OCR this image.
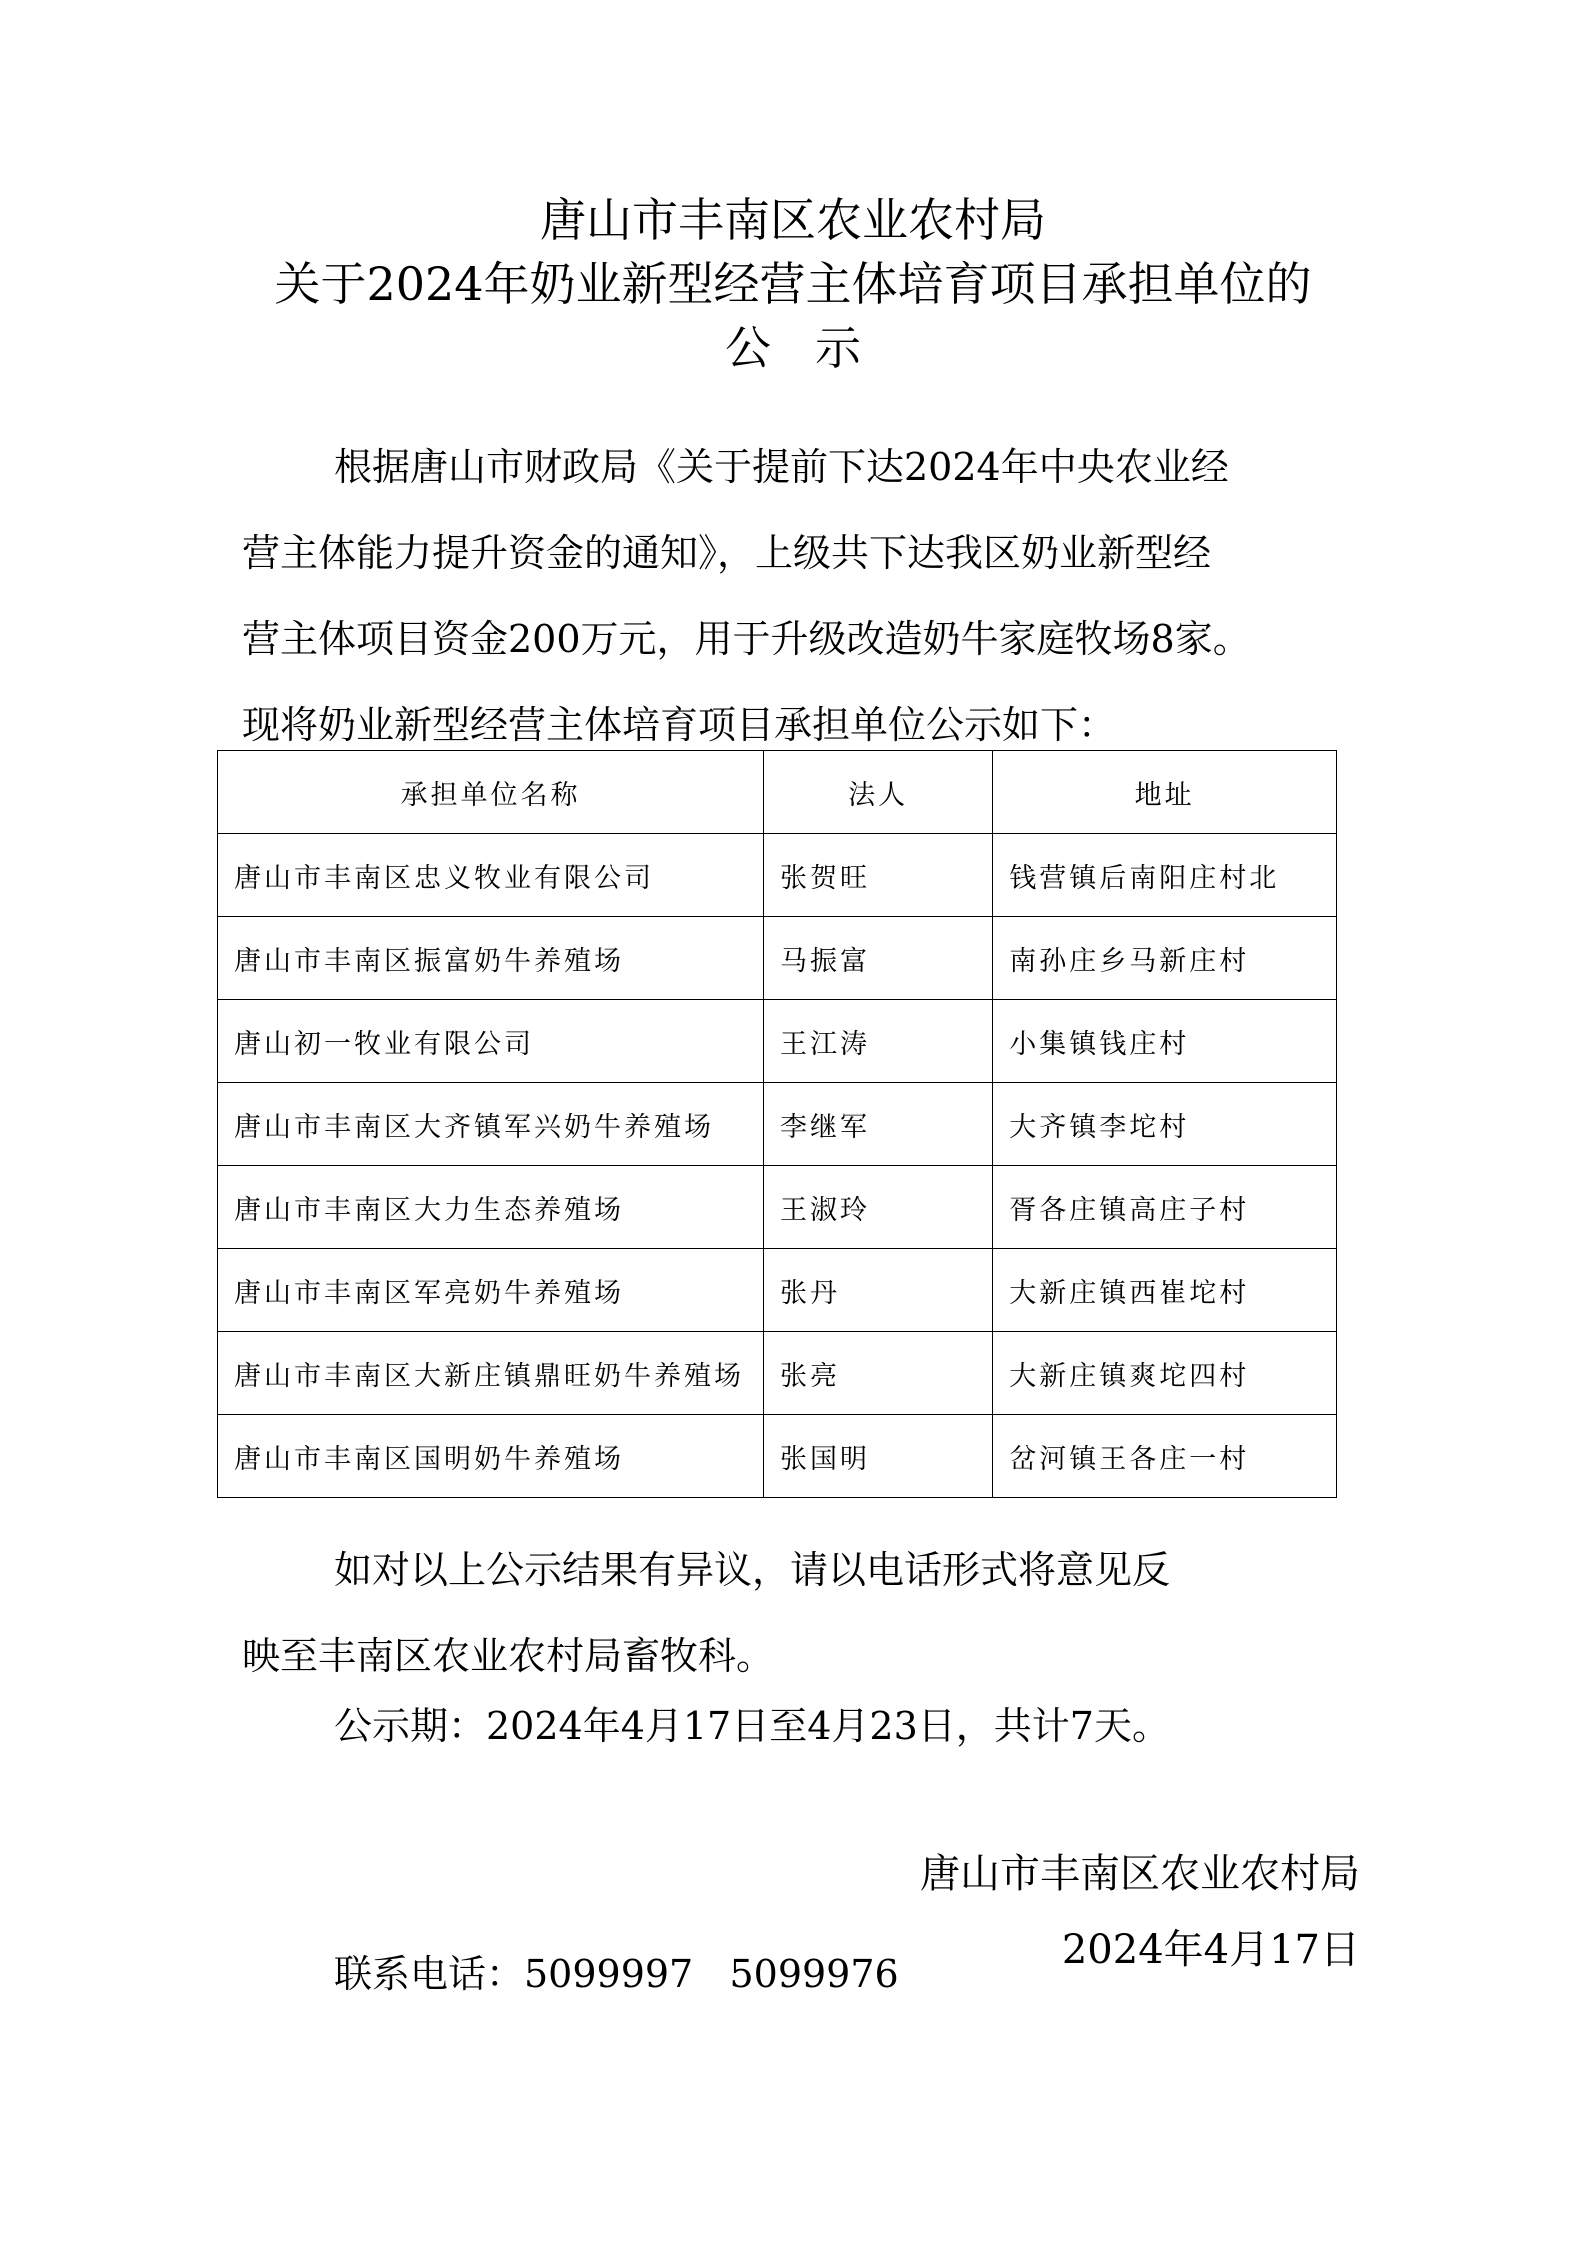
唐山市丰南区农业农村局
关于2024年奶业新型经营主体培育项目承担单位的
公示
根据唐山市财政局《关于提前下达2024年中央农业经
营主体能力提升资金的通知》，上级共下达我区奶业新型经
营主体项目资金200万元，用于升级改造奶牛家庭牧场8家。
现将奶业新型经营主体培育项目承担单位公示如下：
承担单位名称	法人	地址
唐山市丰南区忠义牧业有限公司	张贺旺	钱营镇后南阳庄村北
唐山市丰南区振富奶牛养殖场	马振富	南孙庄乡马新庄村
唐山初一牧业有限公司	王江涛	小集镇钱庄村
唐山市丰南区大齐镇军兴奶牛养殖场	李继军	大齐镇李坨村
唐山市丰南区大力生态养殖场	王淑玲	胥各庄镇高庄子村
唐山市丰南区军亮奶牛养殖场	张丹	大新庄镇西崔坨村
唐山市丰南区大新庄镇鼎旺奶牛养殖场	张亮	大新庄镇爽坨四村
唐山市丰南区国明奶牛养殖场	张国明	岔河镇王各庄一村
如对以上公示结果有异议，请以电话形式将意见反
映至丰南区农业农村局畜牧科。
公示期：2024年4月17日至4月23日，共计7天。

联系电话：5099997   5099976

唐山市丰南区农业农村局
2024年4月17日
